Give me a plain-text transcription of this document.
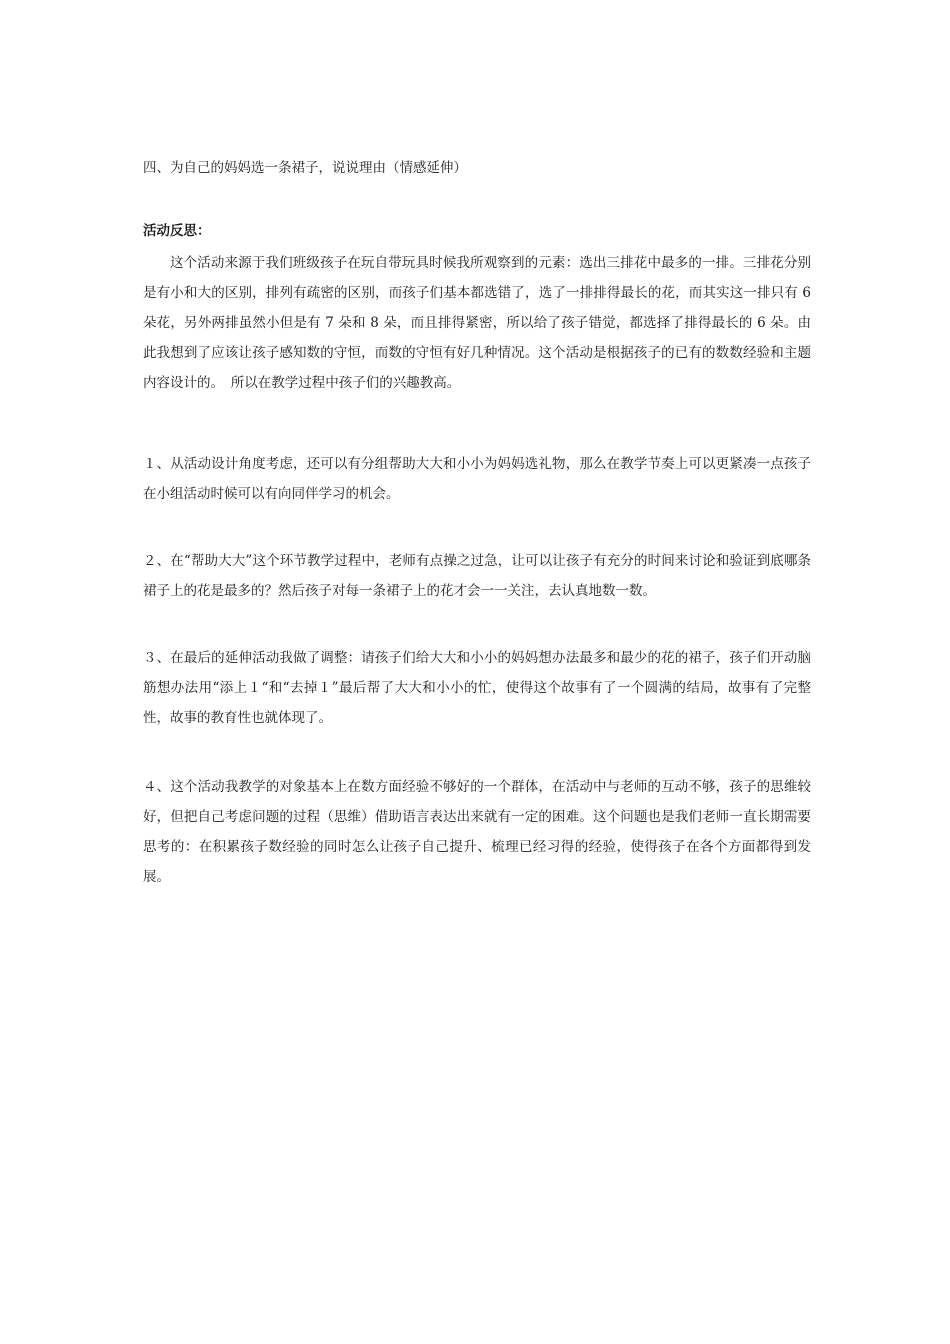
四、为自己的妈妈选一条裙子，说说理由（情感延伸）
活动反思：
这个活动来源于我们班级孩子在玩自带玩具时候我所观察到的元素：选出三排花中最多的一排。三排花分别是有小和大的区别，排列有疏密的区别，而孩子们基本都选错了，选了一排排得最长的花，而其实这一排只有 6 朵花，另外两排虽然小但是有 7 朵和 8 朵，而且排得紧密，所以给了孩子错觉，都选择了排得最长的 6 朵。由此我想到了应该让孩子感知数的守恒，而数的守恒有好几种情况。这个活动是根据孩子的已有的数数经验和主题内容设计的。　所以在教学过程中孩子们的兴趣教高。
１、从活动设计角度考虑，还可以有分组帮助大大和小小为妈妈选礼物，那么在教学节奏上可以更紧凑一点孩子在小组活动时候可以有向同伴学习的机会。
２、在“帮助大大”这个环节教学过程中，老师有点操之过急，让可以让孩子有充分的时间来讨论和验证到底哪条裙子上的花是最多的？然后孩子对每一条裙子上的花才会一一关注，去认真地数一数。
３、在最后的延伸活动我做了调整：请孩子们给大大和小小的妈妈想办法最多和最少的花的裙子，孩子们开动脑筋想办法用“添上１“和“去掉１”最后帮了大大和小小的忙，使得这个故事有了一个圆满的结局，故事有了完整性，故事的教育性也就体现了。
４、这个活动我教学的对象基本上在数方面经验不够好的一个群体，在活动中与老师的互动不够，孩子的思维较好，但把自己考虑问题的过程（思维）借助语言表达出来就有一定的困难。这个问题也是我们老师一直长期需要思考的：在积累孩子数经验的同时怎么让孩子自己提升、梳理已经习得的经验，使得孩子在各个方面都得到发展。
